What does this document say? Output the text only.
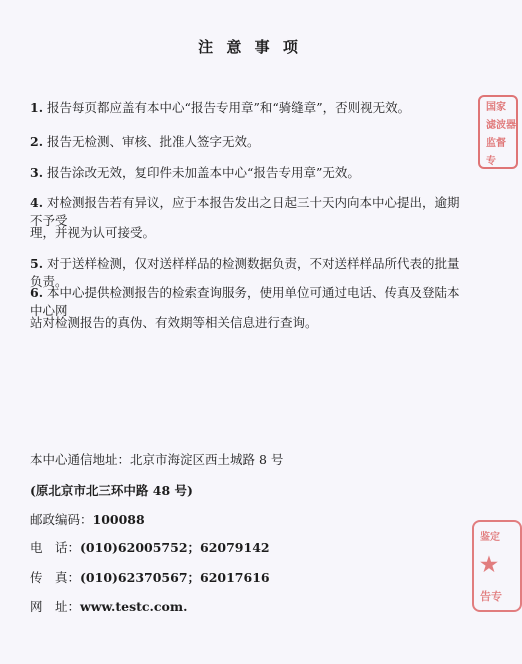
注 意 事 项
1. 报告每页都应盖有本中心“报告专用章”和“骑缝章”，否则视无效。
2. 报告无检测、审核、批准人签字无效。
3. 报告涂改无效，复印件未加盖本中心“报告专用章”无效。
4. 对检测报告若有异议，应于本报告发出之日起三十天内向本中心提出，逾期不予受
理，并视为认可接受。
5. 对于送样检测，仅对送样样品的检测数据负责，不对送样样品所代表的批量负责。
6. 本中心提供检测报告的检索查询服务，使用单位可通过电话、传真及登陆本中心网
站对检测报告的真伪、有效期等相关信息进行查询。
本中心通信地址：北京市海淀区西土城路 8 号
(原北京市北三环中路 48 号)
邮政编码：100088
电　话：(010)62005752；62079142
传　真：(010)62370567；62017616
网　址：www.testc.com.
国家
滤波器
监督
专
鉴定
★
告专
